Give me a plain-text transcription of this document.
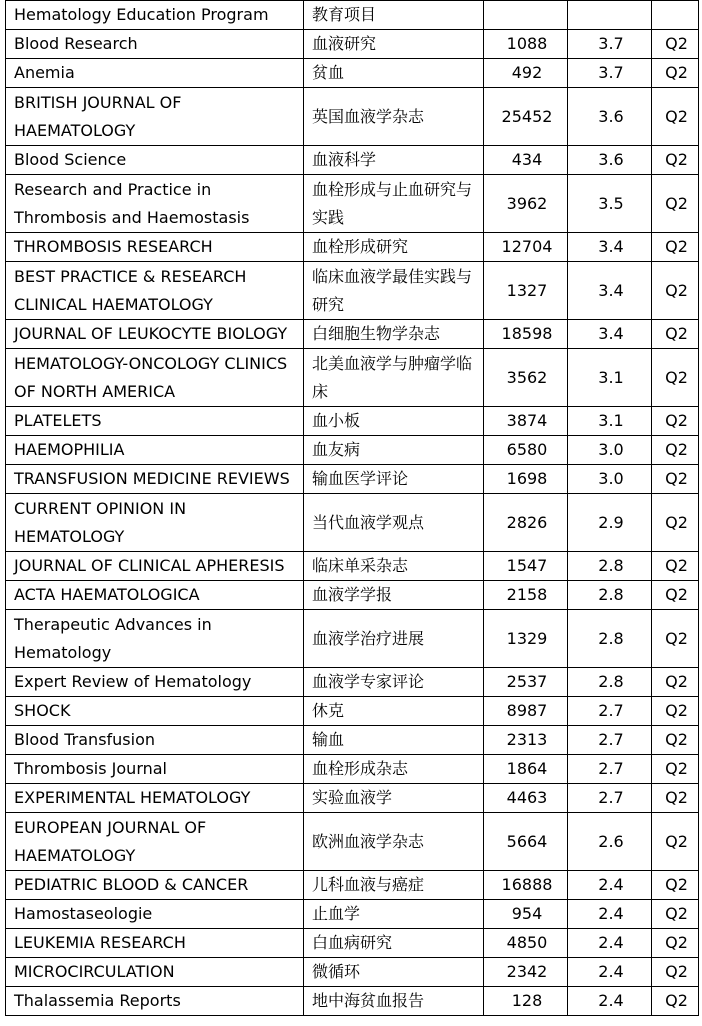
Hematology Education Program	教育项目			
Blood Research	血液研究	1088	3.7	Q2
Anemia	贫血	492	3.7	Q2
BRITISH JOURNAL OF HAEMATOLOGY	英国血液学杂志	25452	3.6	Q2
Blood Science	血液科学	434	3.6	Q2
Research and Practice in Thrombosis and Haemostasis	血栓形成与止血研究与实践	3962	3.5	Q2
THROMBOSIS RESEARCH	血栓形成研究	12704	3.4	Q2
BEST PRACTICE & RESEARCH CLINICAL HAEMATOLOGY	临床血液学最佳实践与研究	1327	3.4	Q2
JOURNAL OF LEUKOCYTE BIOLOGY	白细胞生物学杂志	18598	3.4	Q2
HEMATOLOGY-ONCOLOGY CLINICS OF NORTH AMERICA	北美血液学与肿瘤学临床	3562	3.1	Q2
PLATELETS	血小板	3874	3.1	Q2
HAEMOPHILIA	血友病	6580	3.0	Q2
TRANSFUSION MEDICINE REVIEWS	输血医学评论	1698	3.0	Q2
CURRENT OPINION IN HEMATOLOGY	当代血液学观点	2826	2.9	Q2
JOURNAL OF CLINICAL APHERESIS	临床单采杂志	1547	2.8	Q2
ACTA HAEMATOLOGICA	血液学学报	2158	2.8	Q2
Therapeutic Advances in Hematology	血液学治疗进展	1329	2.8	Q2
Expert Review of Hematology	血液学专家评论	2537	2.8	Q2
SHOCK	休克	8987	2.7	Q2
Blood Transfusion	输血	2313	2.7	Q2
Thrombosis Journal	血栓形成杂志	1864	2.7	Q2
EXPERIMENTAL HEMATOLOGY	实验血液学	4463	2.7	Q2
EUROPEAN JOURNAL OF HAEMATOLOGY	欧洲血液学杂志	5664	2.6	Q2
PEDIATRIC BLOOD & CANCER	儿科血液与癌症	16888	2.4	Q2
Hamostaseologie	止血学	954	2.4	Q2
LEUKEMIA RESEARCH	白血病研究	4850	2.4	Q2
MICROCIRCULATION	微循环	2342	2.4	Q2
Thalassemia Reports	地中海贫血报告	128	2.4	Q2
